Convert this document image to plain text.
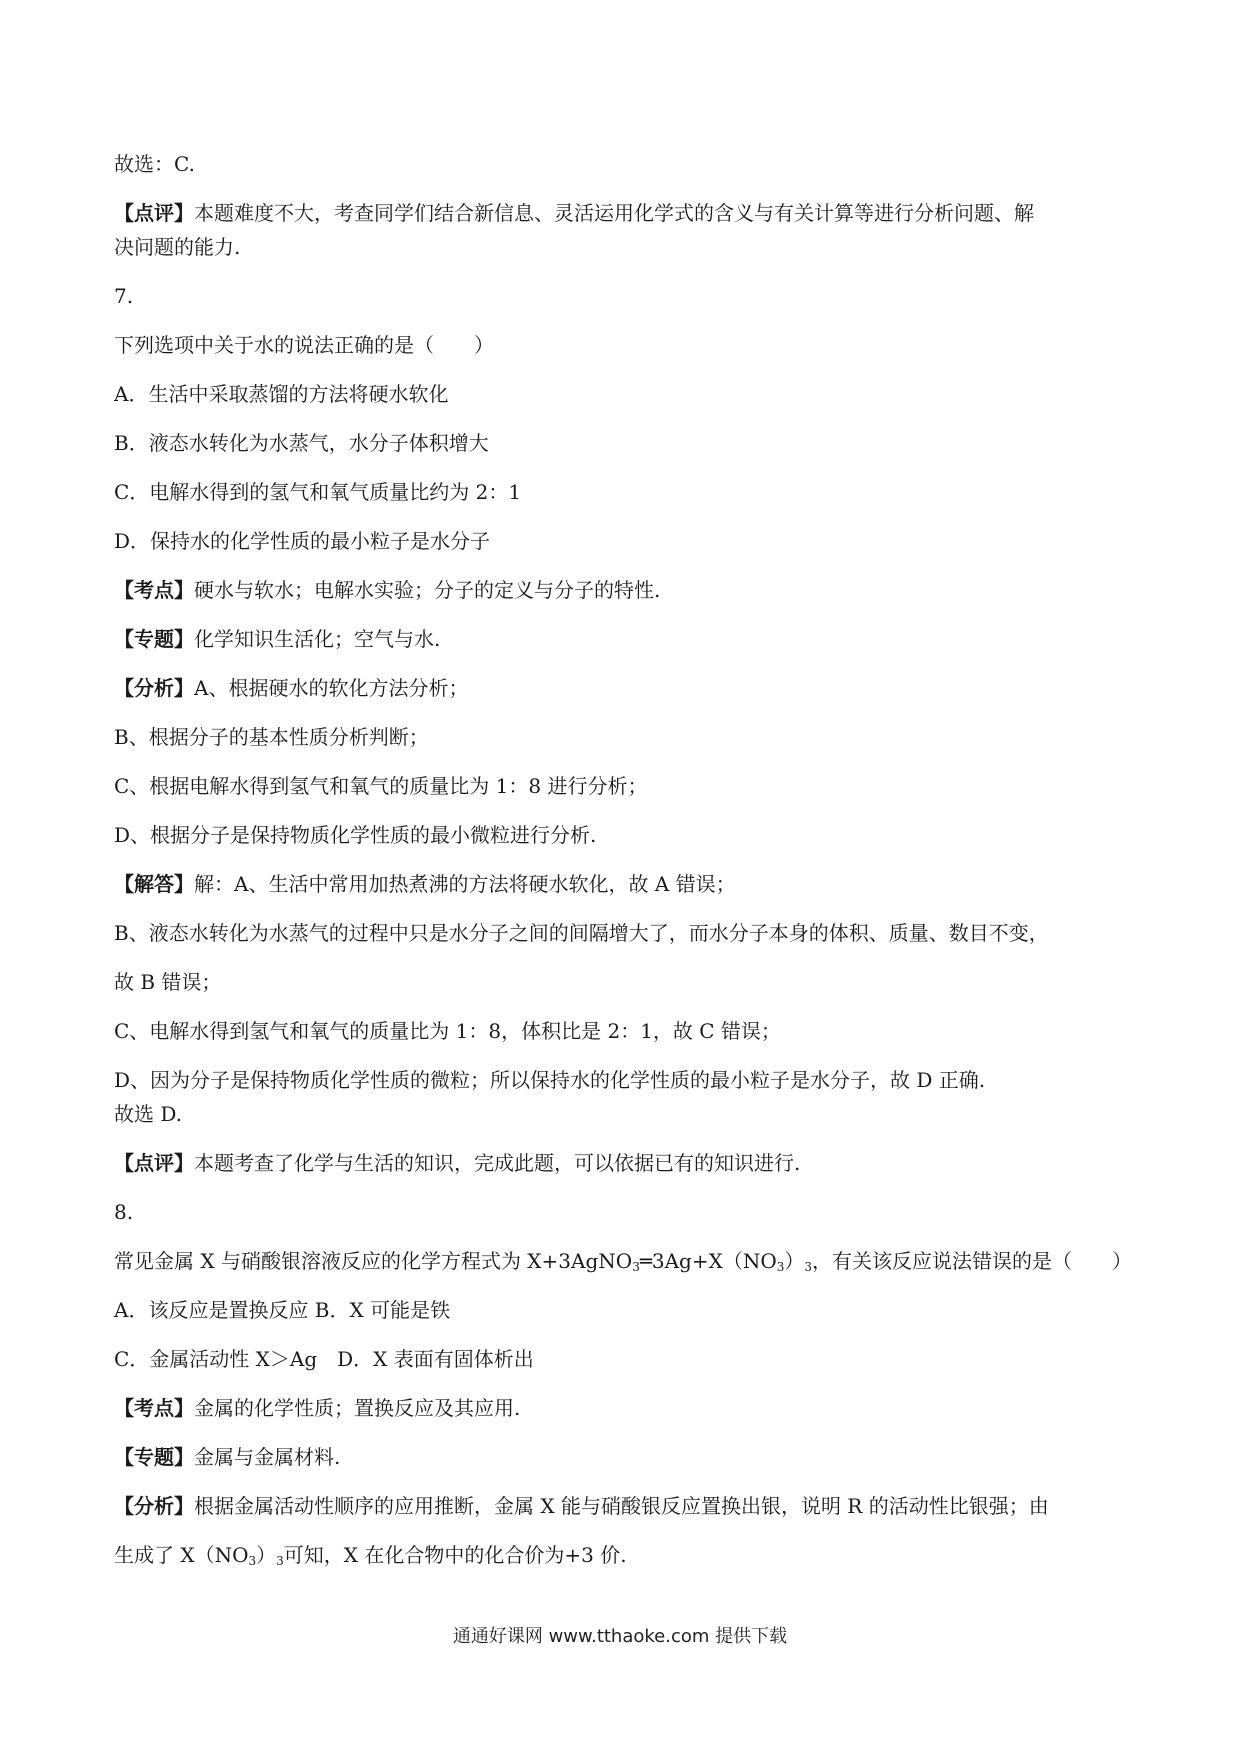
故选：C.

【点评】本题难度不大，考查同学们结合新信息、灵活运用化学式的含义与有关计算等进行分析问题、解

决问题的能力.

7.

下列选项中关于水的说法正确的是（　　）

A．生活中采取蒸馏的方法将硬水软化

B．液态水转化为水蒸气，水分子体积增大

C．电解水得到的氢气和氧气质量比约为 2：1

D．保持水的化学性质的最小粒子是水分子

【考点】硬水与软水；电解水实验；分子的定义与分子的特性.

【专题】化学知识生活化；空气与水.

【分析】A、根据硬水的软化方法分析；

B、根据分子的基本性质分析判断；

C、根据电解水得到氢气和氧气的质量比为 1：8 进行分析；

D、根据分子是保持物质化学性质的最小微粒进行分析.

【解答】解：A、生活中常用加热煮沸的方法将硬水软化，故 A 错误；

B、液态水转化为水蒸气的过程中只是水分子之间的间隔增大了，而水分子本身的体积、质量、数目不变，

故 B 错误；

C、电解水得到氢气和氧气的质量比为 1：8，体积比是 2：1，故 C 错误；

D、因为分子是保持物质化学性质的微粒；所以保持水的化学性质的最小粒子是水分子，故 D 正确.

故选 D.

【点评】本题考查了化学与生活的知识，完成此题，可以依据已有的知识进行.

8.

常见金属 X 与硝酸银溶液反应的化学方程式为 $X+3AgNO_3═3Ag+X(NO_3)_3$，有关该反应说法错误的是（　　）

A．该反应是置换反应 B．X 可能是铁

C．金属活动性 X＞Ag　D．X 表面有固体析出

【考点】金属的化学性质；置换反应及其应用.

【专题】金属与金属材料.

【分析】根据金属活动性顺序的应用推断，金属 X 能与硝酸银反应置换出银，说明 R 的活动性比银强；由

生成了 $X(NO_3)_3$可知，X 在化合物中的化合价为+3 价.

通通好课网 www.tthaoke.com 提供下载
